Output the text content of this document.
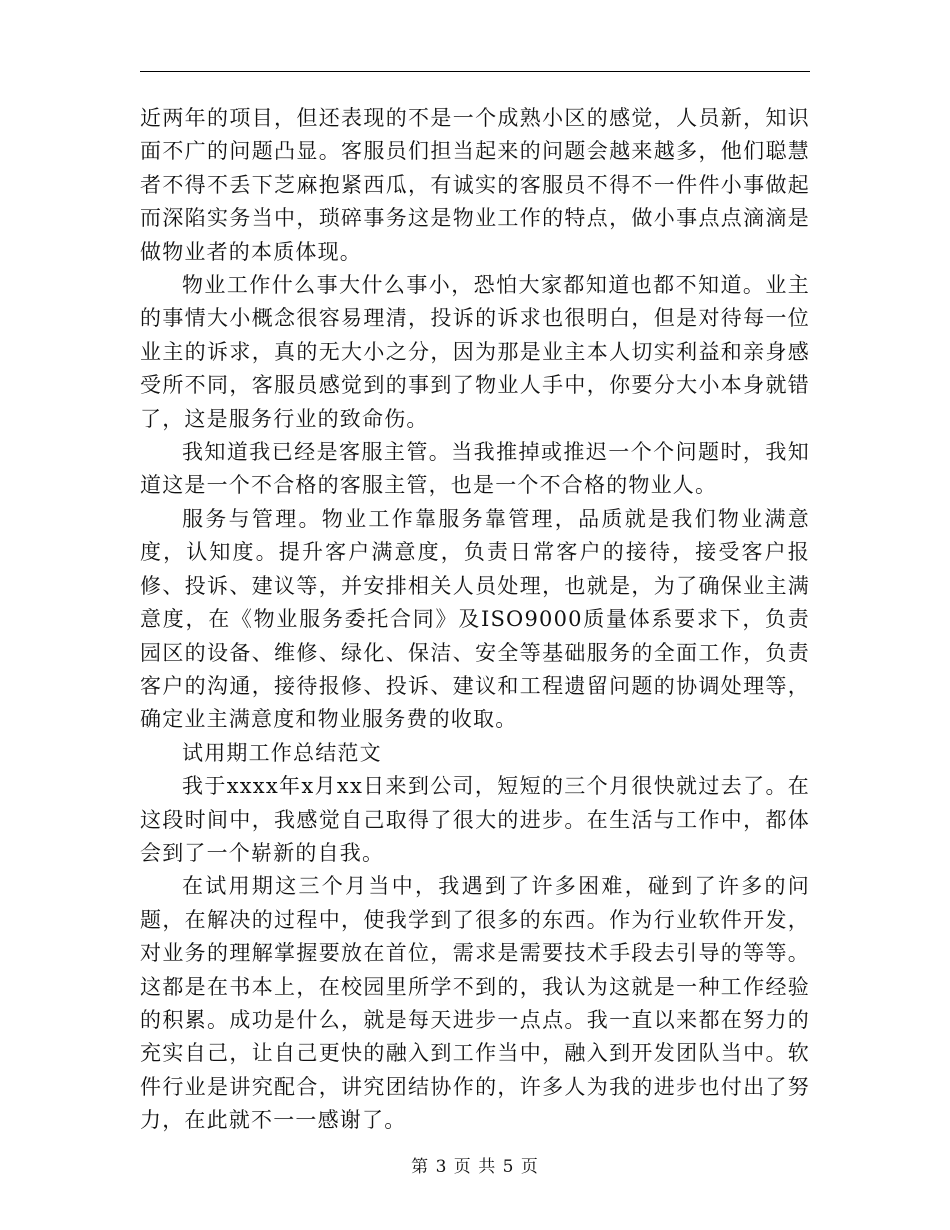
近两年的项目，但还表现的不是一个成熟小区的感觉，人员新，知识面不广的问题凸显。客服员们担当起来的问题会越来越多，他们聪慧者不得不丢下芝麻抱紧西瓜，有诚实的客服员不得不一件件小事做起而深陷实务当中，琐碎事务这是物业工作的特点，做小事点点滴滴是做物业者的本质体现。

物业工作什么事大什么事小，恐怕大家都知道也都不知道。业主的事情大小概念很容易理清，投诉的诉求也很明白，但是对待每一位业主的诉求，真的无大小之分，因为那是业主本人切实利益和亲身感受所不同，客服员感觉到的事到了物业人手中，你要分大小本身就错了，这是服务行业的致命伤。

我知道我已经是客服主管。当我推掉或推迟一个个问题时，我知道这是一个不合格的客服主管，也是一个不合格的物业人。

服务与管理。物业工作靠服务靠管理，品质就是我们物业满意度，认知度。提升客户满意度，负责日常客户的接待，接受客户报修、投诉、建议等，并安排相关人员处理，也就是，为了确保业主满意度，在《物业服务委托合同》及ISO9000质量体系要求下，负责园区的设备、维修、绿化、保洁、安全等基础服务的全面工作，负责客户的沟通，接待报修、投诉、建议和工程遗留问题的协调处理等，确定业主满意度和物业服务费的收取。

试用期工作总结范文

我于xxxx年x月xx日来到公司，短短的三个月很快就过去了。在这段时间中，我感觉自己取得了很大的进步。在生活与工作中，都体会到了一个崭新的自我。

在试用期这三个月当中，我遇到了许多困难，碰到了许多的问题，在解决的过程中，使我学到了很多的东西。作为行业软件开发，对业务的理解掌握要放在首位，需求是需要技术手段去引导的等等。这都是在书本上，在校园里所学不到的，我认为这就是一种工作经验的积累。成功是什么，就是每天进步一点点。我一直以来都在努力的充实自己，让自己更快的融入到工作当中，融入到开发团队当中。软件行业是讲究配合，讲究团结协作的，许多人为我的进步也付出了努力，在此就不一一感谢了。

第 3 页 共 5 页
